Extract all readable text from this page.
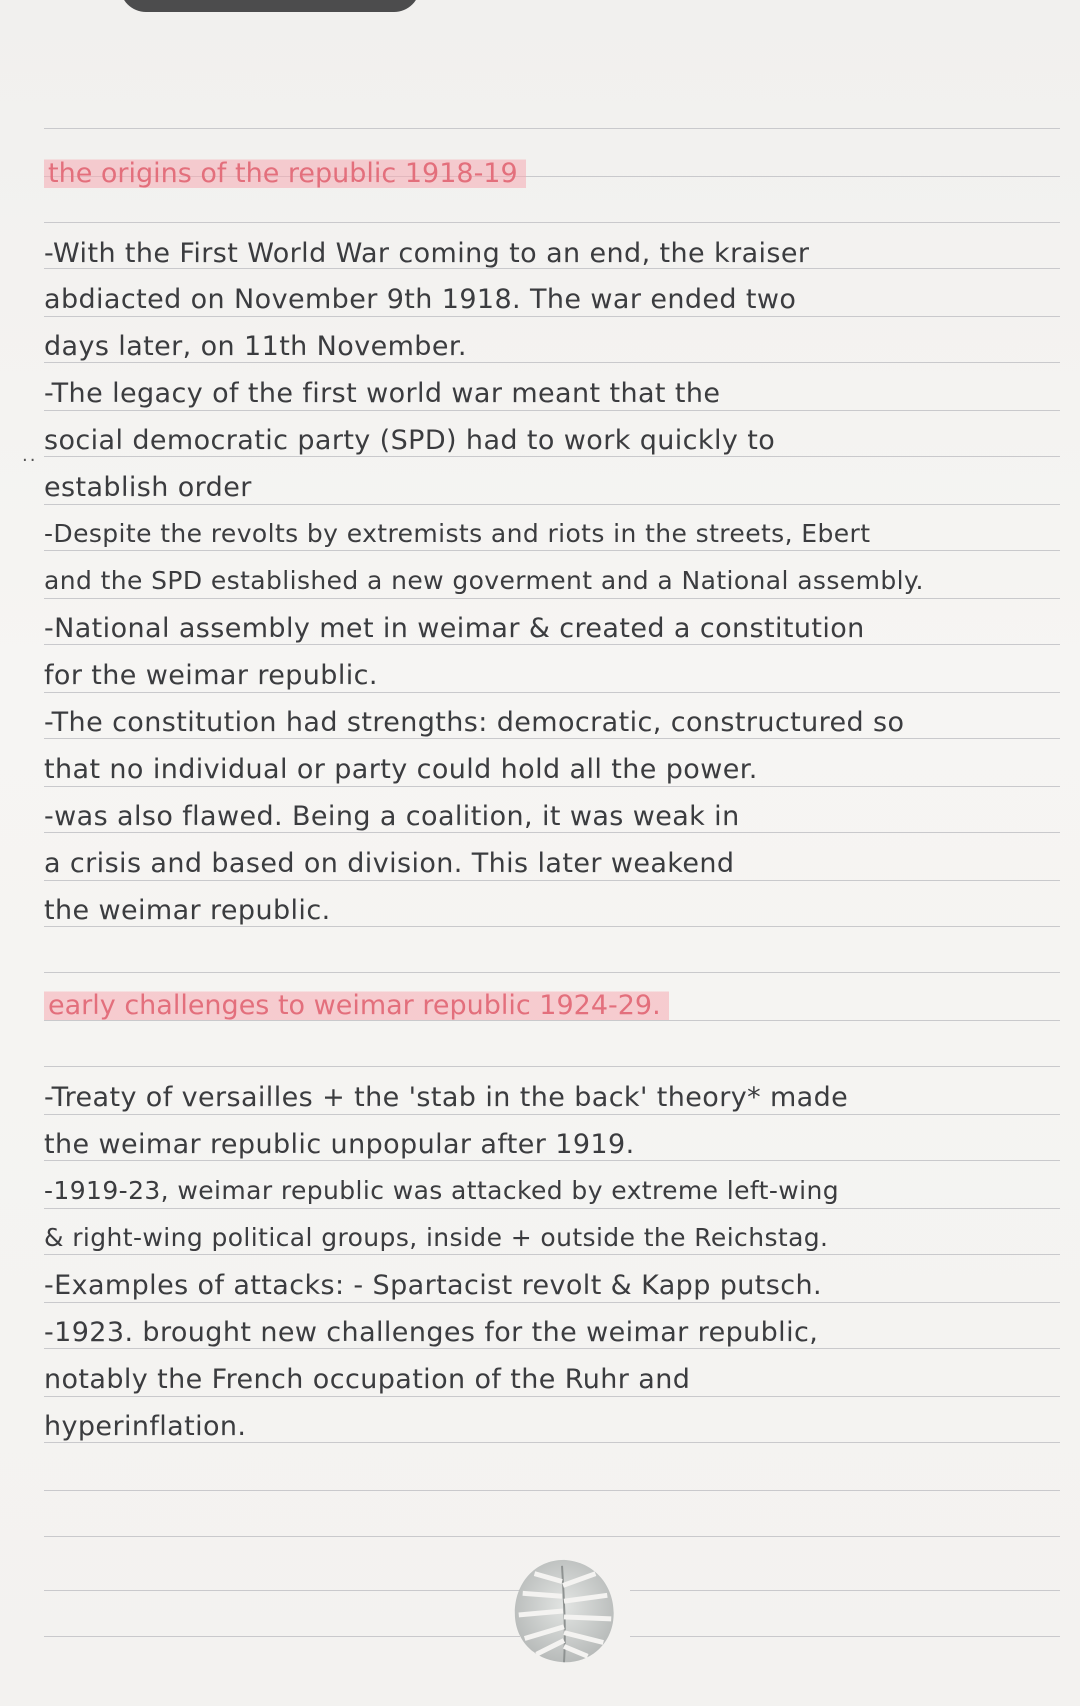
··
the origins of the republic 1918-19
-With the First World War coming to an end, the kraiser
abdiacted on November 9th 1918. The war ended two
days later, on 11th November.
-The legacy of the first world war meant that the
social democratic party (SPD) had to work quickly to
establish order
-Despite the revolts by extremists and riots in the streets, Ebert
and the SPD established a new goverment and a National assembly.
-National assembly met in weimar & created a constitution
for the weimar republic.
-The constitution had strengths: democratic, constructured so
that no individual or party could hold all the power.
-was also flawed. Being a coalition, it was weak in
a crisis and based on division. This later weakend
the weimar republic.
early challenges to weimar republic 1924-29.
-Treaty of versailles + the 'stab in the back' theory* made
the weimar republic unpopular after 1919.
-1919-23, weimar republic was attacked by extreme left-wing
& right-wing political groups, inside + outside the Reichstag.
-Examples of attacks: - Spartacist revolt & Kapp putsch.
-1923. brought new challenges for the weimar republic,
notably the French occupation of the Ruhr and
hyperinflation.
